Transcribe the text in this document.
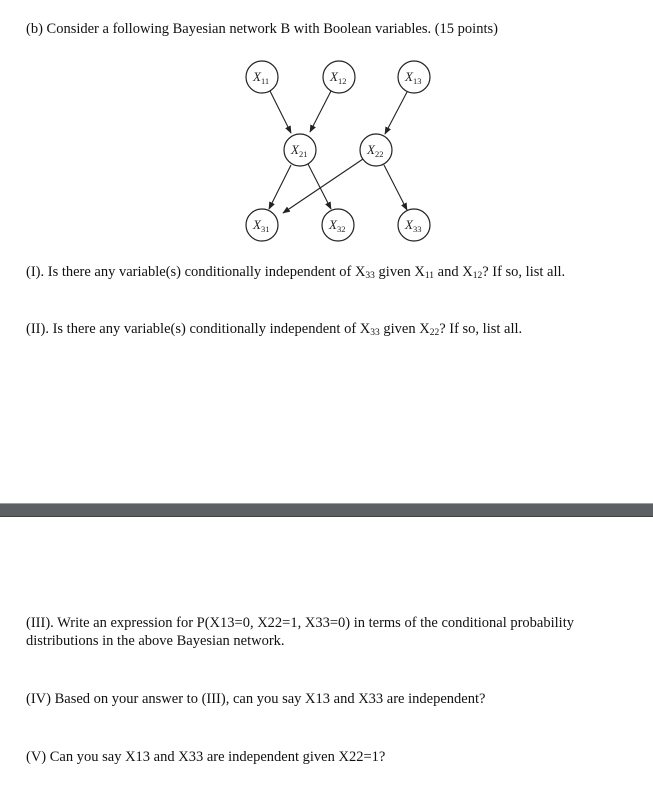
(b) Consider a following Bayesian network B with Boolean variables. (15 points)

$X_{11}$	$X_{12}$	$X_{13}$
$X_{21}$	$X_{22}$
$X_{31}$	$X_{32}$	$X_{33}$

(I). Is there any variable(s) conditionally independent of $X_{33}$ given $X_{11}$ and $X_{12}$? If so, list all.

(II). Is there any variable(s) conditionally independent of $X_{33}$ given $X_{22}$? If so, list all.

(III). Write an expression for P(X13=0, X22=1, X33=0) in terms of the conditional probability distributions in the above Bayesian network.

(IV) Based on your answer to (III), can you say X13 and X33 are independent?

(V) Can you say X13 and X33 are independent given X22=1?
